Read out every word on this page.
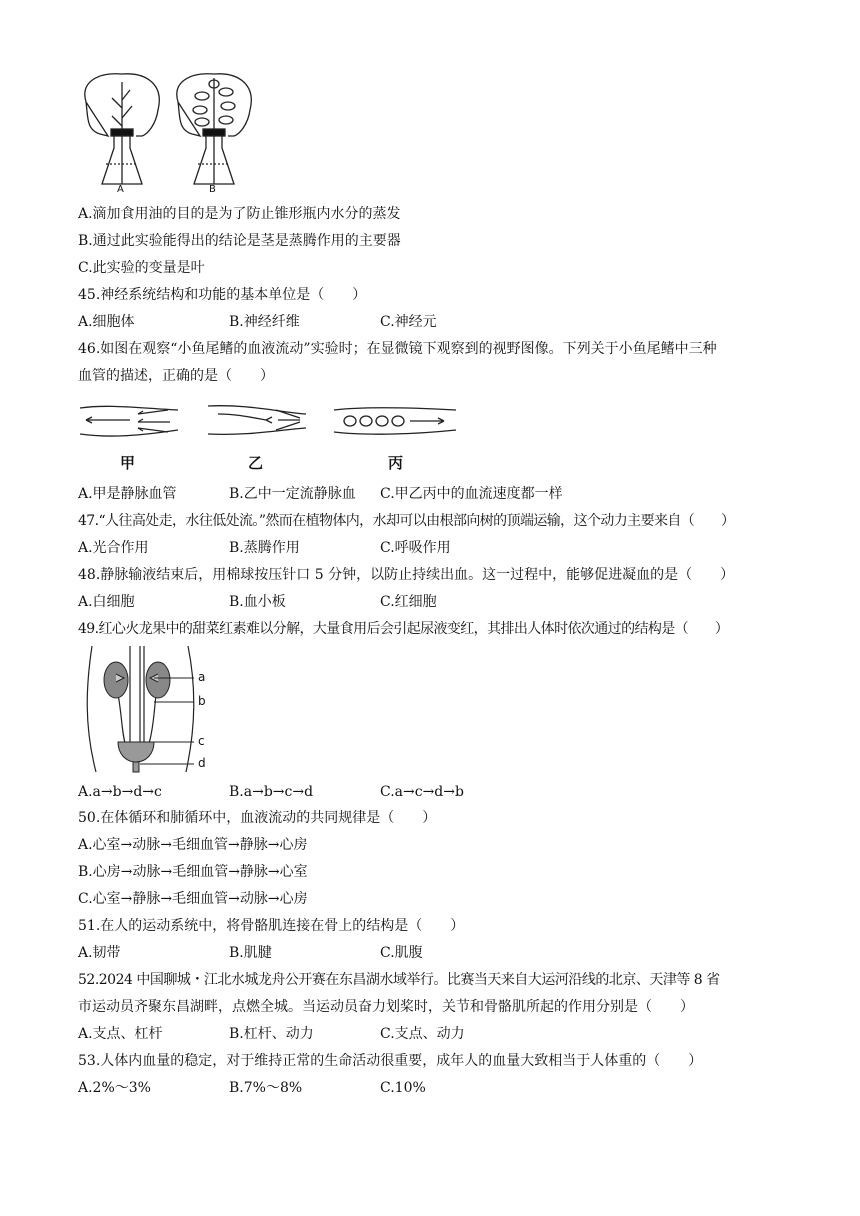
A	B
A.滴加食用油的目的是为了防止锥形瓶内水分的蒸发
B.通过此实验能得出的结论是茎是蒸腾作用的主要器
C.此实验的变量是叶
45.神经系统结构和功能的基本单位是（　　）
A.细胞体	B.神经纤维	C.神经元
46.如图在观察“小鱼尾鳍的血液流动”实验时；在显微镜下观察到的视野图像。下列关于小鱼尾鳍中三种
血管的描述，正确的是（　　）
甲	乙	丙
A.甲是静脉血管	B.乙中一定流静脉血 C.甲乙丙中的血流速度都一样
47.“人往高处走，水往低处流。”然而在植物体内，水却可以由根部向树的顶端运输，这个动力主要来自（　　）
A.光合作用	B.蒸腾作用	C.呼吸作用
48.静脉输液结束后，用棉球按压针口 5 分钟，以防止持续出血。这一过程中，能够促进凝血的是（　　）
A.白细胞	B.血小板	C.红细胞
49.红心火龙果中的甜菜红素难以分解，大量食用后会引起尿液变红，其排出人体时依次通过的结构是（　　）
a
b
c
d
A.a→b→d→c	B.a→b→c→d	C.a→c→d→b
50.在体循环和肺循环中，血液流动的共同规律是（　　）
A.心室→动脉→毛细血管→静脉→心房
B.心房→动脉→毛细血管→静脉→心室
C.心室→静脉→毛细血管→动脉→心房
51.在人的运动系统中，将骨骼肌连接在骨上的结构是（　　）
A.韧带	B.肌腱	C.肌腹
52.2024 中国聊城・江北水城龙舟公开赛在东昌湖水域举行。比赛当天来自大运河沿线的北京、天津等 8 省
市运动员齐聚东昌湖畔，点燃全城。当运动员奋力划桨时，关节和骨骼肌所起的作用分别是（　　）
A.支点、杠杆	B.杠杆、动力	C.支点、动力
53.人体内血量的稳定，对于维持正常的生命活动很重要，成年人的血量大致相当于人体重的（　　）
A.2%～3%	B.7%～8%	C.10%
